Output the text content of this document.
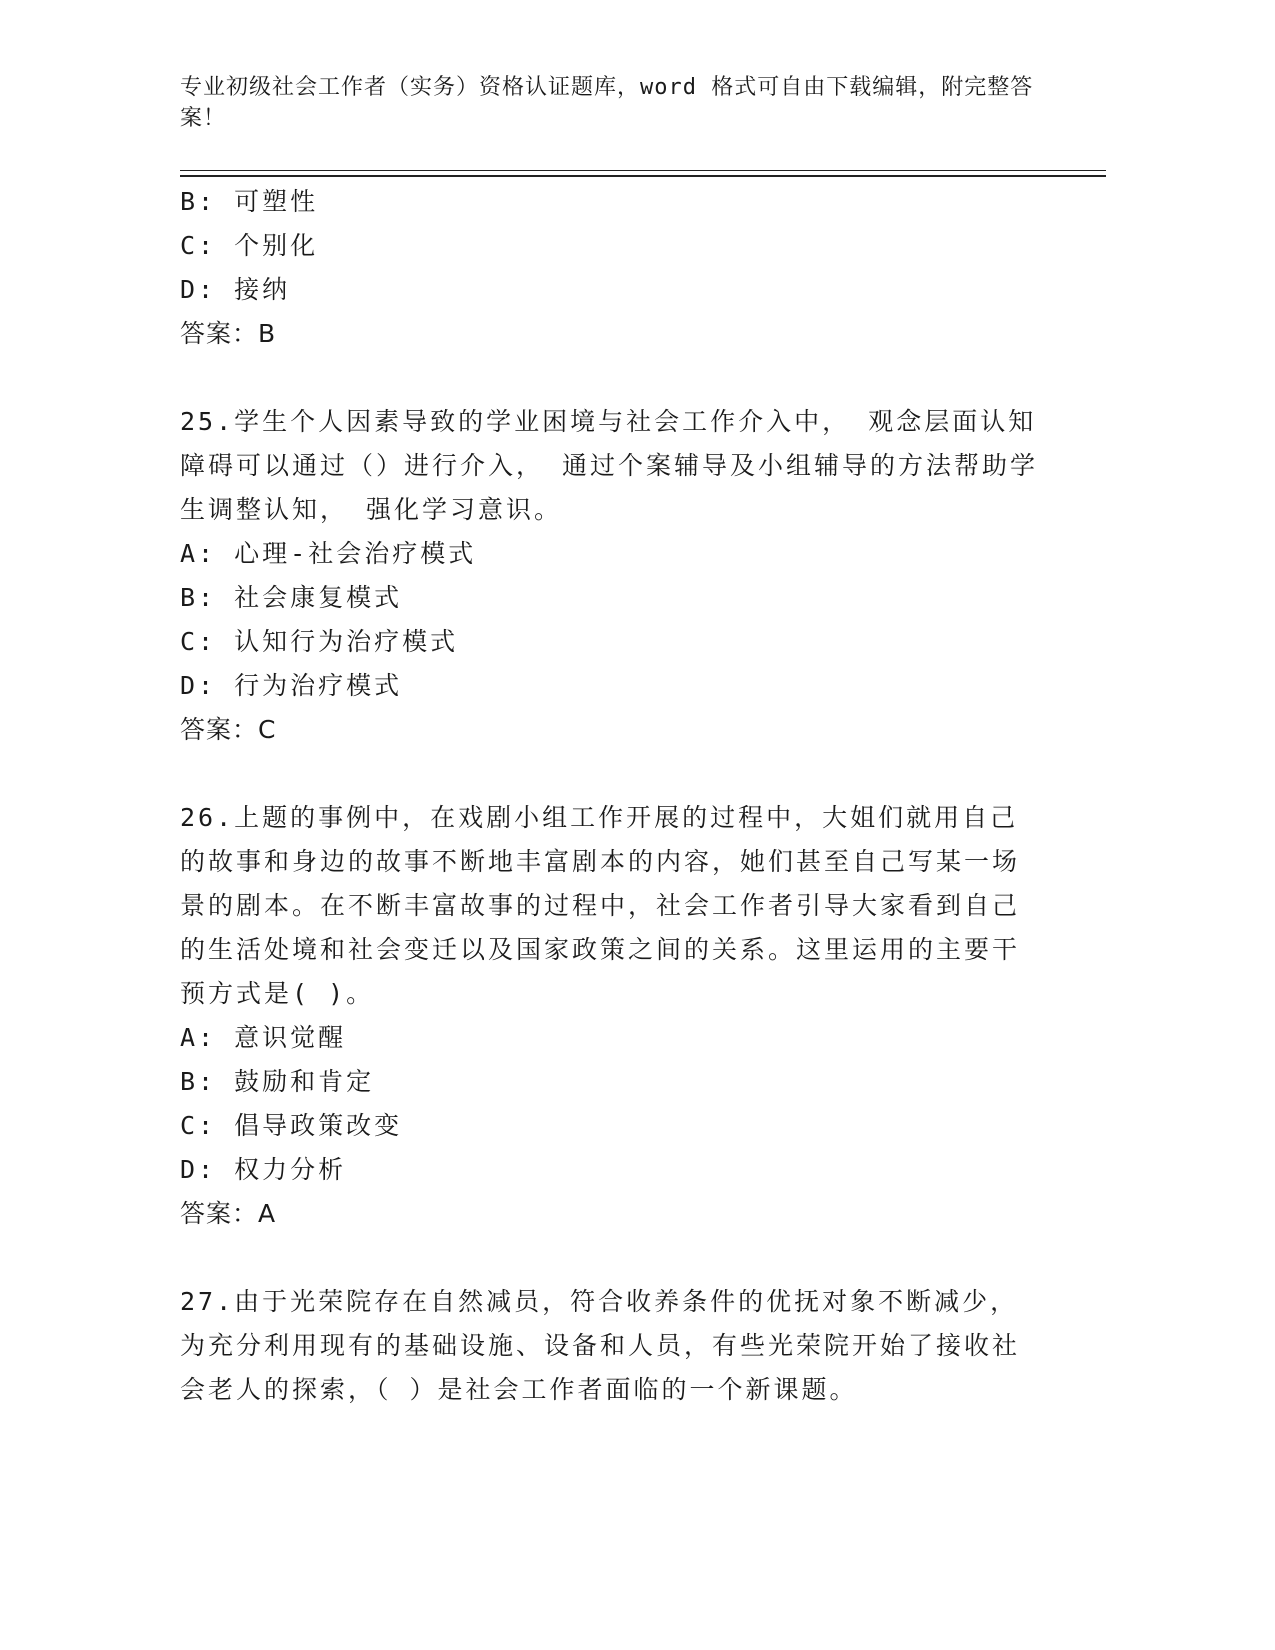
专业初级社会工作者（实务）资格认证题库，word 格式可自由下载编辑，附完整答案！
B: 可塑性
C: 个别化
D: 接纳
答案：B
25.学生个人因素导致的学业困境与社会工作介入中， 观念层面认知障碍可以通过（）进行介入， 通过个案辅导及小组辅导的方法帮助学生调整认知， 强化学习意识。
A: 心理-社会治疗模式
B: 社会康复模式
C: 认知行为治疗模式
D: 行为治疗模式
答案：C
26.上题的事例中，在戏剧小组工作开展的过程中，大姐们就用自己的故事和身边的故事不断地丰富剧本的内容，她们甚至自己写某一场景的剧本。在不断丰富故事的过程中，社会工作者引导大家看到自己的生活处境和社会变迁以及国家政策之间的关系。这里运用的主要干预方式是( )。
A: 意识觉醒
B: 鼓励和肯定
C: 倡导政策改变
D: 权力分析
答案：A
27.由于光荣院存在自然减员，符合收养条件的优抚对象不断减少，为充分利用现有的基础设施、设备和人员，有些光荣院开始了接收社会老人的探索，（ ）是社会工作者面临的一个新课题。
